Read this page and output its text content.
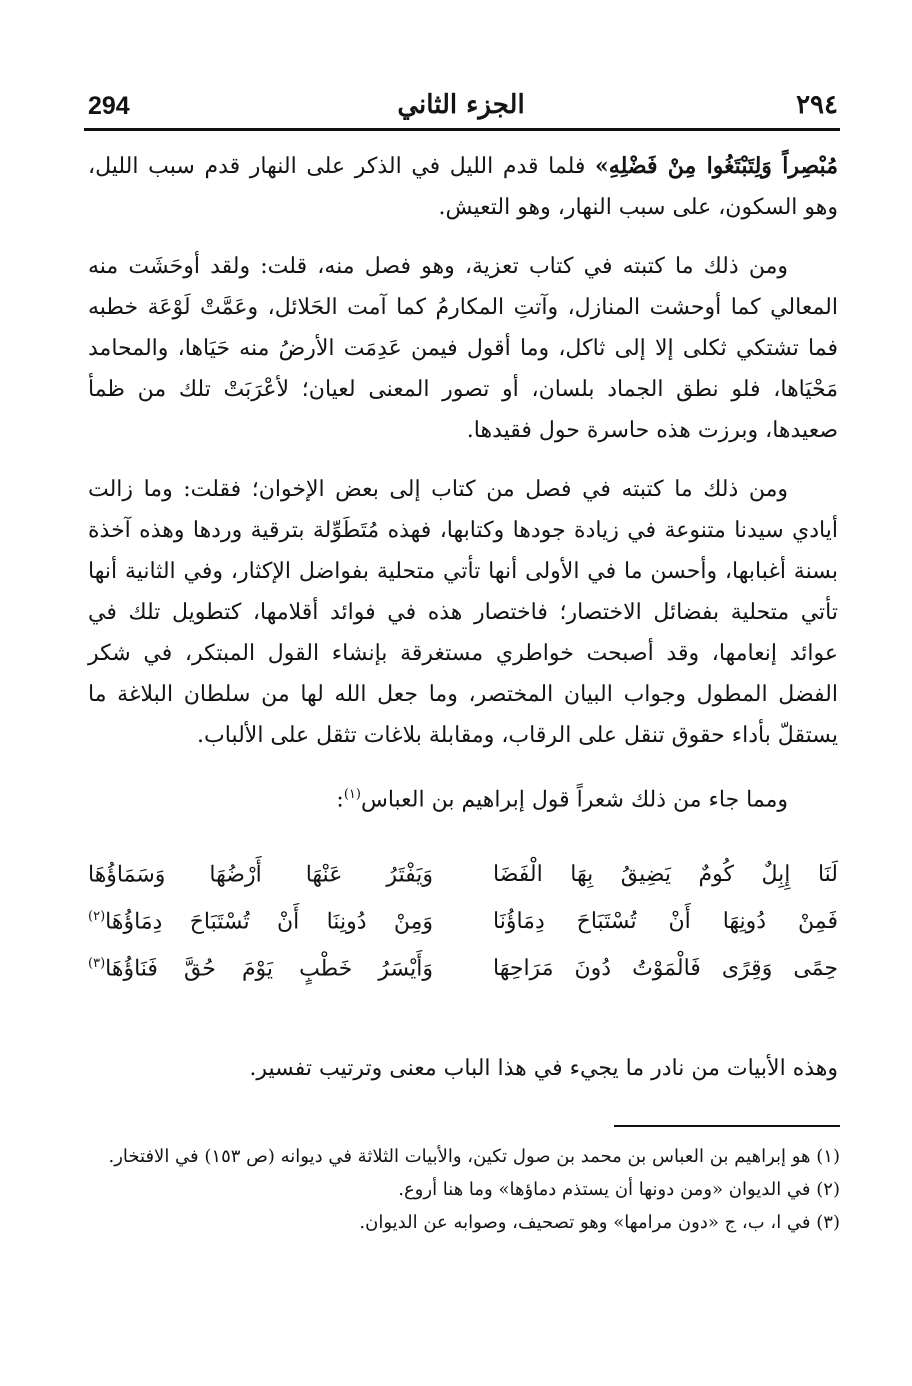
294	الجزء الثاني	٢٩٤

مُبْصِراً وَلِتَبْتَغُوا مِنْ فَضْلِهِ» فلما قدم الليل في الذكر على النهار قدم سبب الليل، وهو السكون، على سبب النهار، وهو التعيش.

ومن ذلك ما كتبته في كتاب تعزية، وهو فصل منه، قلت: ولقد أوحَشَت منه المعالي كما أوحشت المنازل، وآتتِ المكارمُ كما آمت الحَلائل، وعَمَّتْ لَوْعَة خطبه فما تشتكي ثكلى إلا إلى ثاكل، وما أقول فيمن عَدِمَت الأرضُ منه حَيَاها، والمحامد مَحْيَاها، فلو نطق الجماد بلسان، أو تصور المعنى لعيان؛ لأعْرَبَتْ تلك من ظمأ صعيدها، وبرزت هذه حاسرة حول فقيدها.

ومن ذلك ما كتبته في فصل من كتاب إلى بعض الإخوان؛ فقلت: وما زالت أيادي سيدنا متنوعة في زيادة جودها وكتابها، فهذه مُتَطَوِّلة بترقية وردها وهذه آخذة بسنة أغبابها، وأحسن ما في الأولى أنها تأتي متحلية بفواضل الإكثار، وفي الثانية أنها تأتي متحلية بفضائل الاختصار؛ فاختصار هذه في فوائد أقلامها، كتطويل تلك في عوائد إنعامها، وقد أصبحت خواطري مستغرقة بإنشاء القول المبتكر، في شكر الفضل المطول وجواب البيان المختصر، وما جعل الله لها من سلطان البلاغة ما يستقلّ بأداء حقوق تنقل على الرقاب، ومقابلة بلاغات تثقل على الألباب.

ومما جاء من ذلك شعراً قول إبراهيم بن العباس$^{(١)}$:

لَنَا إِبِلٌ كُومٌ يَضِيقُ بِهَا الْفَضَا
وَيَفْتَرُ عَنْهَا أَرْضُهَا وَسَمَاؤُهَا
فَمِنْ دُونِهَا أَنْ تُسْتَبَاحَ دِمَاؤُنَا
وَمِنْ دُونِنَا أَنْ تُسْتَبَاحَ دِمَاؤُهَا$^{(٢)}$
حِمًى وَقِرًى فَالْمَوْتُ دُونَ مَرَاحِهَا
وَأَيْسَرُ خَطْبٍ يَوْمَ حُقَّ فَنَاؤُهَا$^{(٣)}$
وهذه الأبيات من نادر ما يجيء في هذا الباب معنى وترتيب تفسير.
(١) هو إبراهيم بن العباس بن محمد بن صول تكين، والأبيات الثلاثة في ديوانه (ص ١٥٣) في الافتخار.
(٢) في الديوان «ومن دونها أن يستذم دماؤها» وما هنا أروع.
(٣) في ا، ب، ج «دون مرامها» وهو تصحيف، وصوابه عن الديوان.
